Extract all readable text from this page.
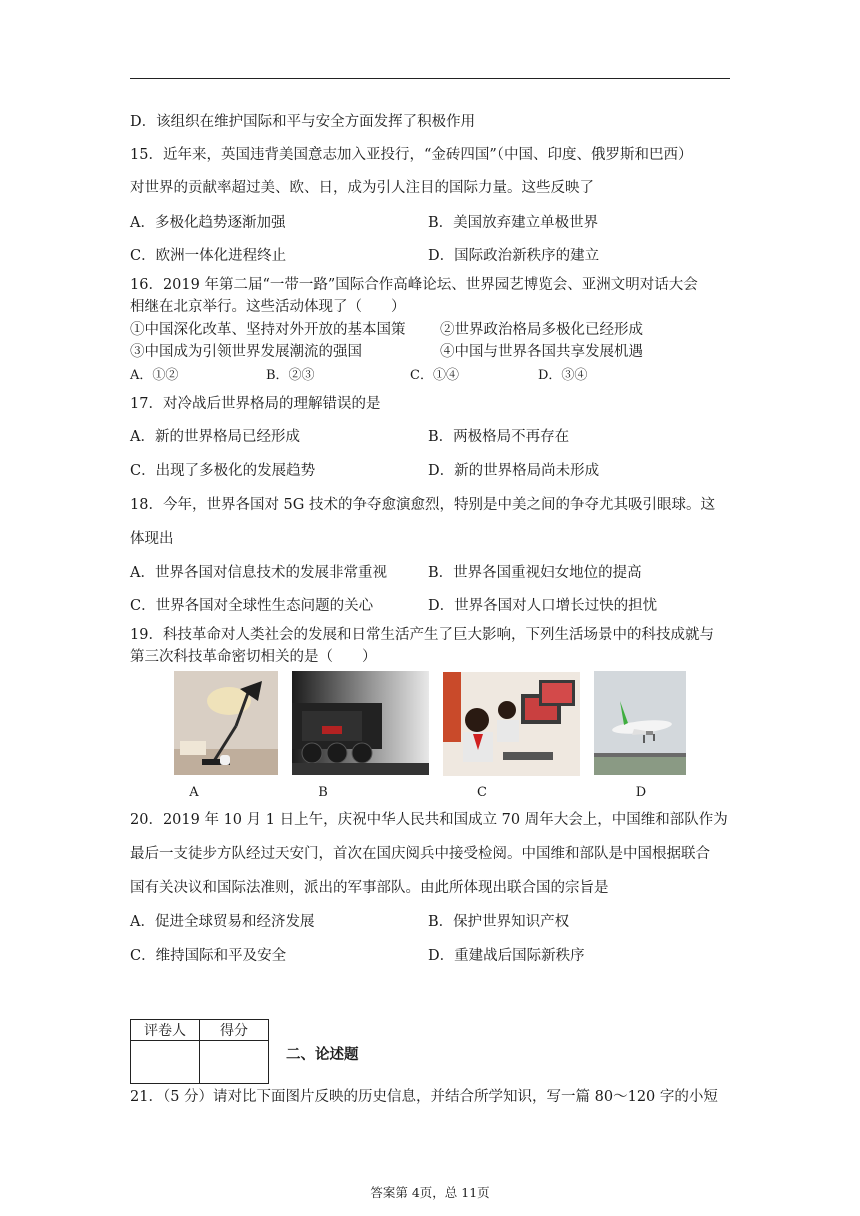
D．该组织在维护国际和平与安全方面发挥了积极作用
15．近年来，英国违背美国意志加入亚投行，“金砖四国”（中国、印度、俄罗斯和巴西）
对世界的贡献率超过美、欧、日，成为引人注目的国际力量。这些反映了
A．多极化趋势逐渐加强	B．美国放弃建立单极世界
C．欧洲一体化进程终止	D．国际政治新秩序的建立
16．2019 年第二届“一带一路”国际合作高峰论坛、世界园艺博览会、亚洲文明对话大会
相继在北京举行。这些活动体现了（　　）
①中国深化改革、坚持对外开放的基本国策 ②世界政治格局多极化已经形成
③中国成为引领世界发展潮流的强国	④中国与世界各国共享发展机遇
A．①②	B．②③	C．①④	D．③④
17．对冷战后世界格局的理解错误的是
A．新的世界格局已经形成	B．两极格局不再存在
C．出现了多极化的发展趋势	D．新的世界格局尚未形成
18．今年，世界各国对 5G 技术的争夺愈演愈烈，特别是中美之间的争夺尤其吸引眼球。这
体现出
A．世界各国对信息技术的发展非常重视	B．世界各国重视妇女地位的提高
C．世界各国对全球性生态问题的关心	D．世界各国对人口增长过快的担忧
19．科技革命对人类社会的发展和日常生活产生了巨大影响，下列生活场景中的科技成就与
第三次科技革命密切相关的是（　　）
A	B	C	D
20．2019 年 10 月 1 日上午，庆祝中华人民共和国成立 70 周年大会上，中国维和部队作为
最后一支徒步方队经过天安门，首次在国庆阅兵中接受检阅。中国维和部队是中国根据联合
国有关决议和国际法准则，派出的军事部队。由此所体现出联合国的宗旨是
A．促进全球贸易和经济发展	B．保护世界知识产权
C．维持国际和平及安全	D．重建战后国际新秩序
评卷人	得分

二、论述题
21．（5 分）请对比下面图片反映的历史信息，并结合所学知识，写一篇 80～120 字的小短
答案第 4页，总 11页
